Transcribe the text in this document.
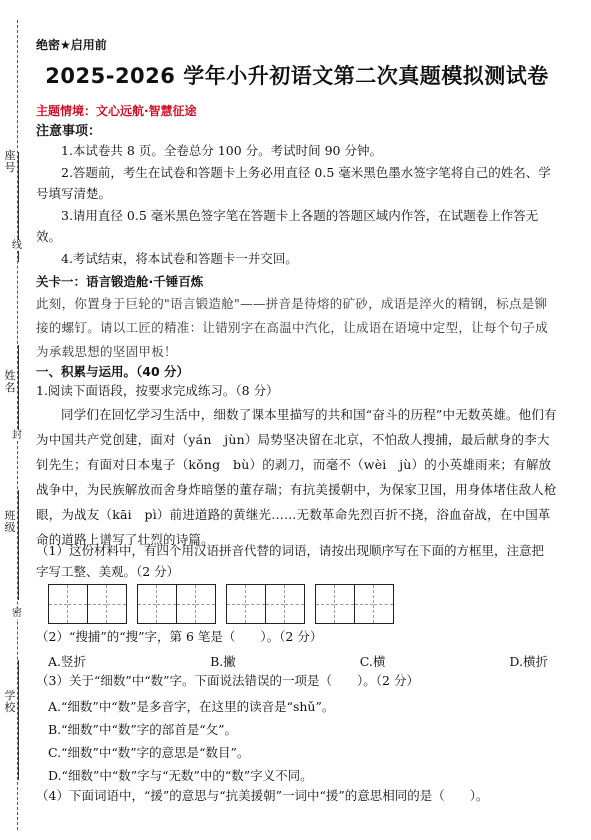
座号
线
姓名
封
班级
密
学校
绝密★启用前
2025-2026 学年小升初语文第二次真题模拟测试卷
主题情境：文心远航·智慧征途
注意事项：
1.本试卷共 8 页。全卷总分 100 分。考试时间 90 分钟。
2.答题前，考生在试卷和答题卡上务必用直径 0.5 毫米黑色墨水签字笔将自己的姓名、学号填写清楚。
3.请用直径 0.5 毫米黑色签字笔在答题卡上各题的答题区域内作答，在试题卷上作答无效。
4.考试结束，将本试卷和答题卡一并交回。
关卡一：语言锻造舱·千锤百炼
此刻，你置身于巨轮的"语言锻造舱"——拼音是待熔的矿砂，成语是淬火的精钢，标点是铆接的螺钉。请以工匠的精准：让错别字在高温中汽化，让成语在语境中定型，让每个句子成为承载思想的坚固甲板！
一、积累与运用。（40 分）
1.阅读下面语段，按要求完成练习。（8 分）
同学们在回忆学习生活中，细数了课本里描写的共和国“奋斗的历程”中无数英雄。他们有为中国共产党创建，面对（yán　jùn）局势坚决留在北京，不怕敌人搜捕，最后献身的李大钊先生；有面对日本鬼子（kǒng　bù）的剥刀，而毫不（wèi　jù）的小英雄雨来；有解放战争中，为民族解放而舍身炸暗堡的董存瑞；有抗美援朝中，为保家卫国，用身体堵住敌人枪眼，为战友（kāi　pì）前进道路的黄继光……无数革命先烈百折不挠，浴血奋战，在中国革命的道路上谱写了壮烈的诗篇。
（1）这份材料中，有四个用汉语拼音代替的词语，请按出现顺序写在下面的方框里，注意把字写工整、美观。（2 分）
（2）“搜捕”的“搜”字，第 6 笔是（　　）。（2 分）
A.竖折	B.撇	C.横	D.横折
（3）关于“细数”中“数”字。下面说法错误的一项是（　　）。（2 分）
A.“细数”中“数”是多音字，在这里的读音是“shǔ”。
B.“细数”中“数”字的部首是“攵”。
C.“细数”中“数”字的意思是“数目”。
D.“细数”中“数”字与“无数”中的“数”字义不同。
（4）下面词语中，“援”的意思与“抗美援朝”一词中“援”的意思相同的是（　　）。
